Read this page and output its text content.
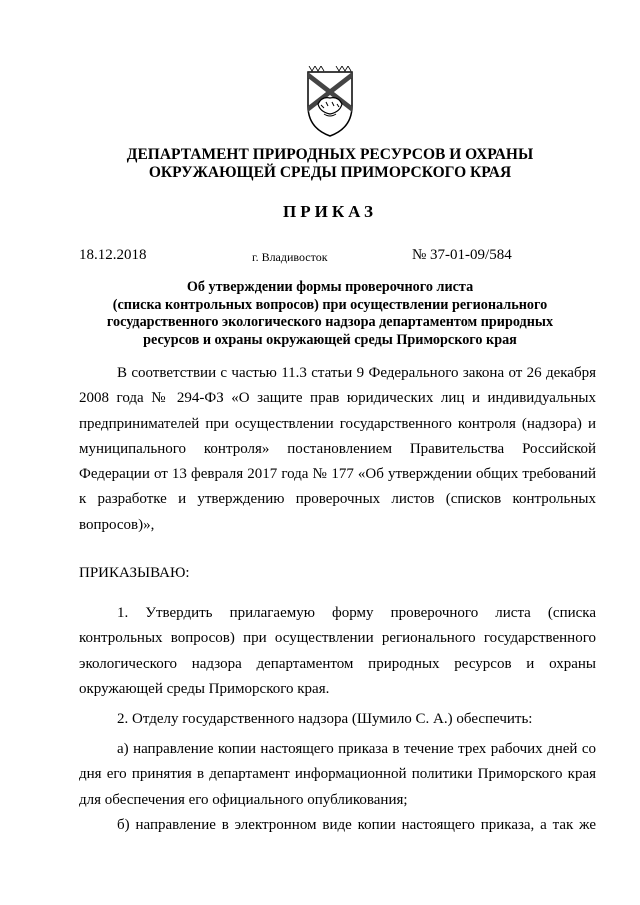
ДЕПАРТАМЕНТ ПРИРОДНЫХ РЕСУРСОВ И ОХРАНЫ
ОКРУЖАЮЩЕЙ СРЕДЫ ПРИМОРСКОГО КРАЯ
ПРИКАЗ
18.12.2018	г. Владивосток	№ 37-01-09/584
Об утверждении формы проверочного листа
(списка контрольных вопросов) при осуществлении регионального
государственного экологического надзора департаментом природных
ресурсов и охраны окружающей среды Приморского края
В соответствии с частью 11.3 статьи 9 Федерального закона от 26 декабря
2008 года № 294-ФЗ «О защите прав юридических лиц и индивидуальных
предпринимателей при осуществлении государственного контроля (надзора) и
муниципального контроля» постановлением Правительства Российской
Федерации от 13 февраля 2017 года № 177 «Об утверждении общих требований
к разработке и утверждению проверочных листов (списков контрольных
вопросов)»,
ПРИКАЗЫВАЮ:
1. Утвердить прилагаемую форму проверочного листа (списка
контрольных вопросов) при осуществлении регионального государственного
экологического надзора департаментом природных ресурсов и охраны
окружающей среды Приморского края.
2. Отделу государственного надзора (Шумило С. А.) обеспечить:
а) направление копии настоящего приказа в течение трех рабочих дней со
дня его принятия в департамент информационной политики Приморского края
для обеспечения его официального опубликования;
б) направление в электронном виде копии настоящего приказа, а так же
